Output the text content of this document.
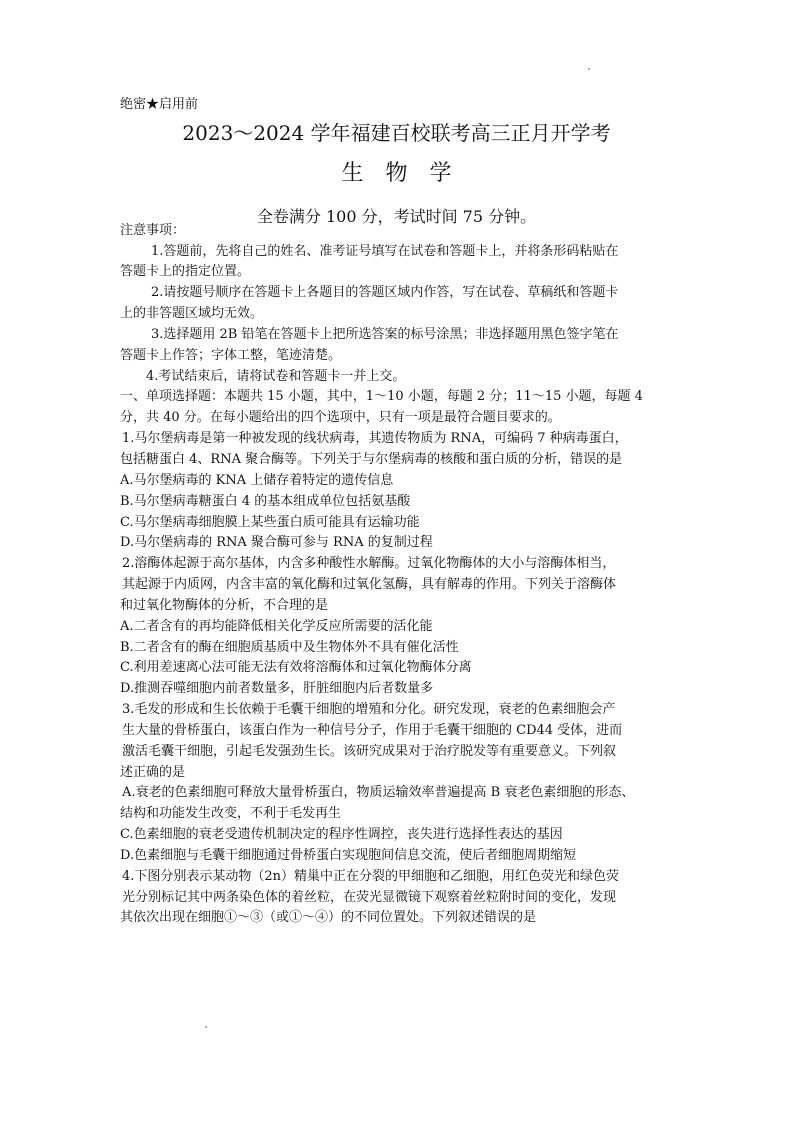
绝密★启用前
2023～2024 学年福建百校联考高三正月开学考
生　物　学
全卷满分 100 分，考试时间 75 分钟。
注意事项：
1.答题前，先将自己的姓名、准考证号填写在试卷和答题卡上，并将条形码粘贴在
答题卡上的指定位置。
2.请按题号顺序在答题卡上各题目的答题区域内作答，写在试卷、草稿纸和答题卡
上的非答题区域均无效。
3.选择题用 2B 铅笔在答题卡上把所选答案的标号涂黑；非选择题用黑色签字笔在
答题卡上作答；字体工整，笔迹清楚。
4.考试结束后，请将试卷和答题卡一并上交。
一、单项选择题：本题共 15 小题，其中，1～10 小题，每题 2 分；11～15 小题，每题 4
分，共 40 分。在每小题给出的四个选项中，只有一项是最符合题目要求的。
1.马尔堡病毒是第一种被发现的线状病毒，其遗传物质为 RNA，可编码 7 种病毒蛋白，
包括糖蛋白 4、RNA 聚合酶等。下列关于与尔堡病毒的核酸和蛋白质的分析，错误的是
A.马尔堡病毒的 KNA 上储存着特定的遗传信息
B.马尔堡病毒糖蛋白 4 的基本组成单位包括氨基酸
C.马尔堡病毒细胞膜上某些蛋白质可能具有运输功能
D.马尔堡病毒的 RNA 聚合酶可参与 RNA 的复制过程
2.溶酶体起源于高尔基体，内含多种酸性水解酶。过氧化物酶体的大小与溶酶体相当，
其起源于内质网，内含丰富的氧化酶和过氧化氢酶，具有解毒的作用。下列关于溶酶体
和过氧化物酶体的分析，不合理的是
A.二者含有的再均能降低相关化学反应所需要的活化能
B.二者含有的酶在细胞质基质中及生物体外不具有催化活性
C.利用差速离心法可能无法有效将溶酶体和过氧化物酶体分离
D.推测吞噬细胞内前者数量多，肝脏细胞内后者数量多
3.毛发的形成和生长依赖于毛囊干细胞的增殖和分化。研究发现，衰老的色素细胞会产
生大量的骨桥蛋白，该蛋白作为一种信号分子，作用于毛囊干细胞的 CD44 受体，进而
激活毛囊干细胞，引起毛发强劲生长。该研究成果对于治疗脱发等有重要意义。下列叙
述正确的是
A.衰老的色素细胞可释放大量骨桥蛋白，物质运输效率普遍提高 B 衰老色素细胞的形态、
结构和功能发生改变，不利于毛发再生
C.色素细胞的衰老受遗传机制决定的程序性调控，丧失进行选择性表达的基因
D.色素细胞与毛囊干细胞通过骨桥蛋白实现胞间信息交流，使后者细胞周期缩短
4.下图分别表示某动物（2n）精巢中正在分裂的甲细胞和乙细胞，用红色荧光和绿色荧
光分别标记其中两条染色体的着丝粒，在荧光显微镜下观察着丝粒附时间的变化，发现
其依次出现在细胞①～③（或①～④）的不同位置处。下列叙述错误的是
